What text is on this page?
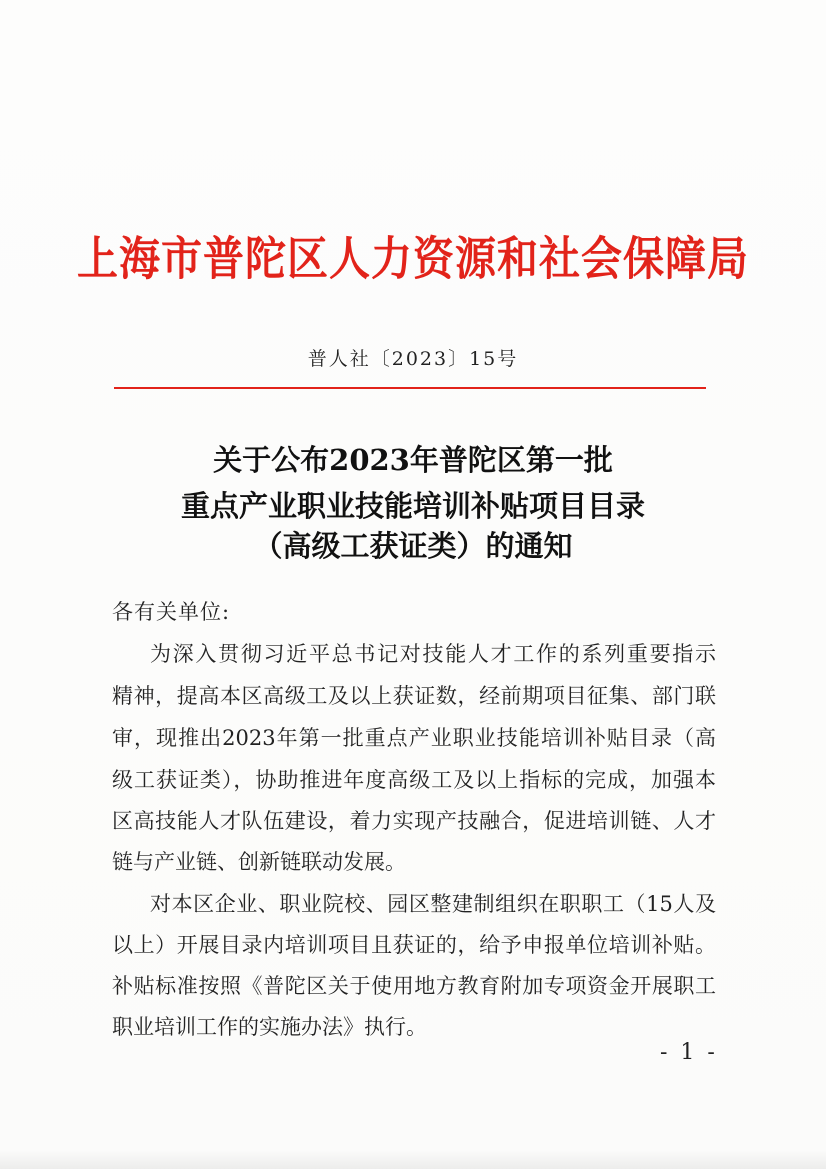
上海市普陀区人力资源和社会保障局
普人社〔2023〕15号
关于公布2023年普陀区第一批
重点产业职业技能培训补贴项目目录
（高级工获证类）的通知
各有关单位:
为深入贯彻习近平总书记对技能人才工作的系列重要指示
精神，提高本区高级工及以上获证数，经前期项目征集、部门联
审，现推出2023年第一批重点产业职业技能培训补贴目录（高
级工获证类），协助推进年度高级工及以上指标的完成，加强本
区高技能人才队伍建设，着力实现产技融合，促进培训链、人才
链与产业链、创新链联动发展。
对本区企业、职业院校、园区整建制组织在职职工（15人及
以上）开展目录内培训项目且获证的，给予申报单位培训补贴。
补贴标准按照《普陀区关于使用地方教育附加专项资金开展职工
职业培训工作的实施办法》执行。
- 1 -
